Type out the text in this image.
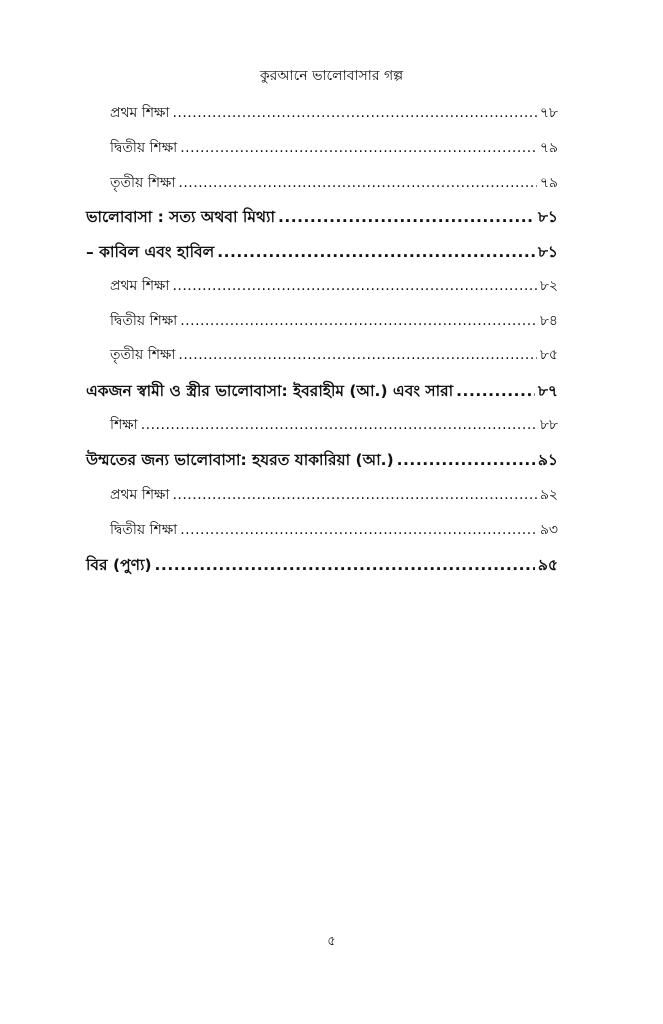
কুরআনে ভালোবাসার গল্প
প্রথম শিক্ষা .....	৭৮
দ্বিতীয় শিক্ষা .....	৭৯
তৃতীয় শিক্ষা .....	৭৯
ভালোবাসা : সত্য অথবা মিথ্যা .....	৮১
– কাবিল এবং হাবিল .....	৮১
প্রথম শিক্ষা .....	৮২
দ্বিতীয় শিক্ষা .....	৮৪
তৃতীয় শিক্ষা .....	৮৫
একজন স্বামী ও স্ত্রীর ভালোবাসা: ইবরাহীম (আ.) এবং সারা .....	৮৭
শিক্ষা .....	৮৮
উম্মতের জন্য ভালোবাসা: হযরত যাকারিয়া (আ.) .....	৯১
প্রথম শিক্ষা .....	৯২
দ্বিতীয় শিক্ষা .....	৯৩
বির (পুণ্য) .....	৯৫
৫
